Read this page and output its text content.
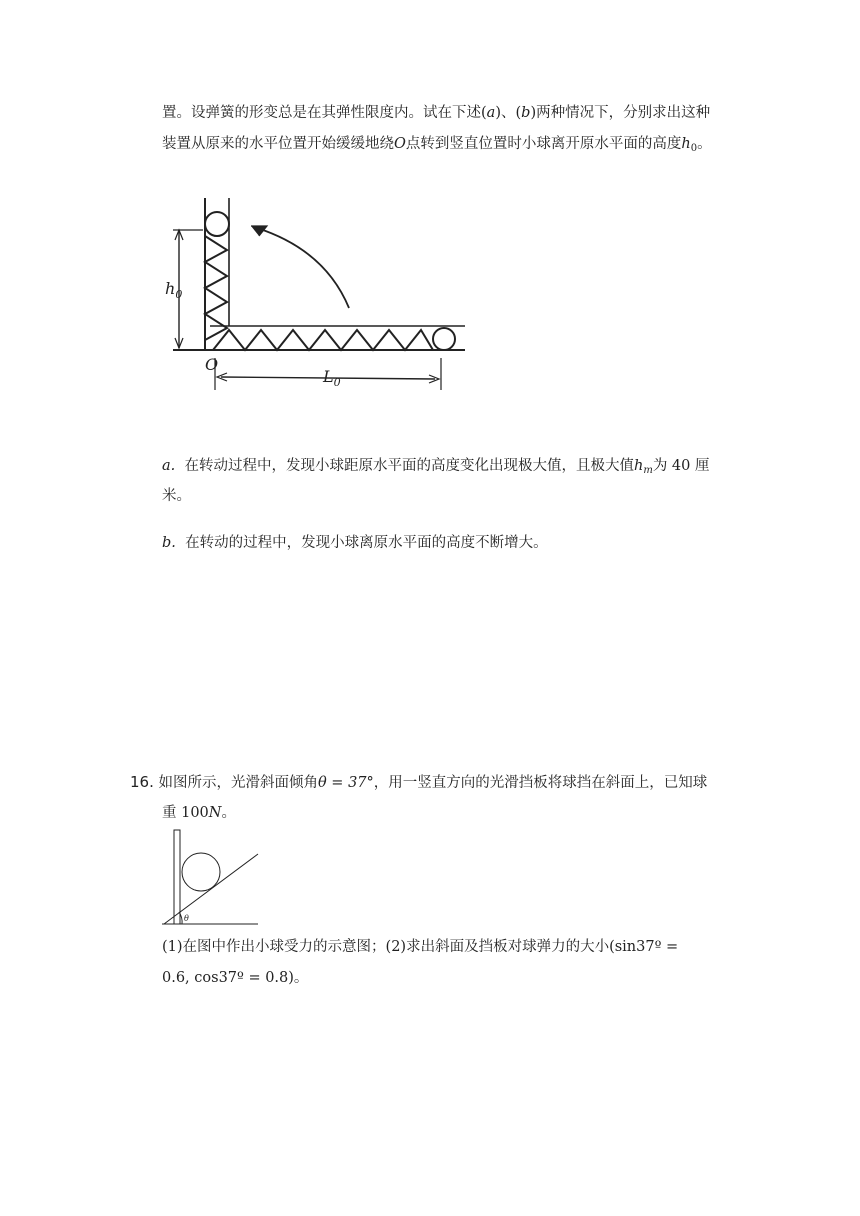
置。设弹簧的形变总是在其弹性限度内。试在下述(a)、(b)两种情况下，分别求出这种
装置从原来的水平位置开始缓缓地绕O点转到竖直位置时小球离开原水平面的高度$h_0$。
$h_0$
O
$L_0$
a. 在转动过程中，发现小球距原水平面的高度变化出现极大值，且极大值$h_m$为 40 厘
米。
b. 在转动的过程中，发现小球离原水平面的高度不断增大。
16. 如图所示，光滑斜面倾角θ = 37°，用一竖直方向的光滑挡板将球挡在斜面上，已知球
重 100N。
θ
(1)在图中作出小球受力的示意图；(2)求出斜面及挡板对球弹力的大小(sin37º =
0.6, cos37º = 0.8)。
